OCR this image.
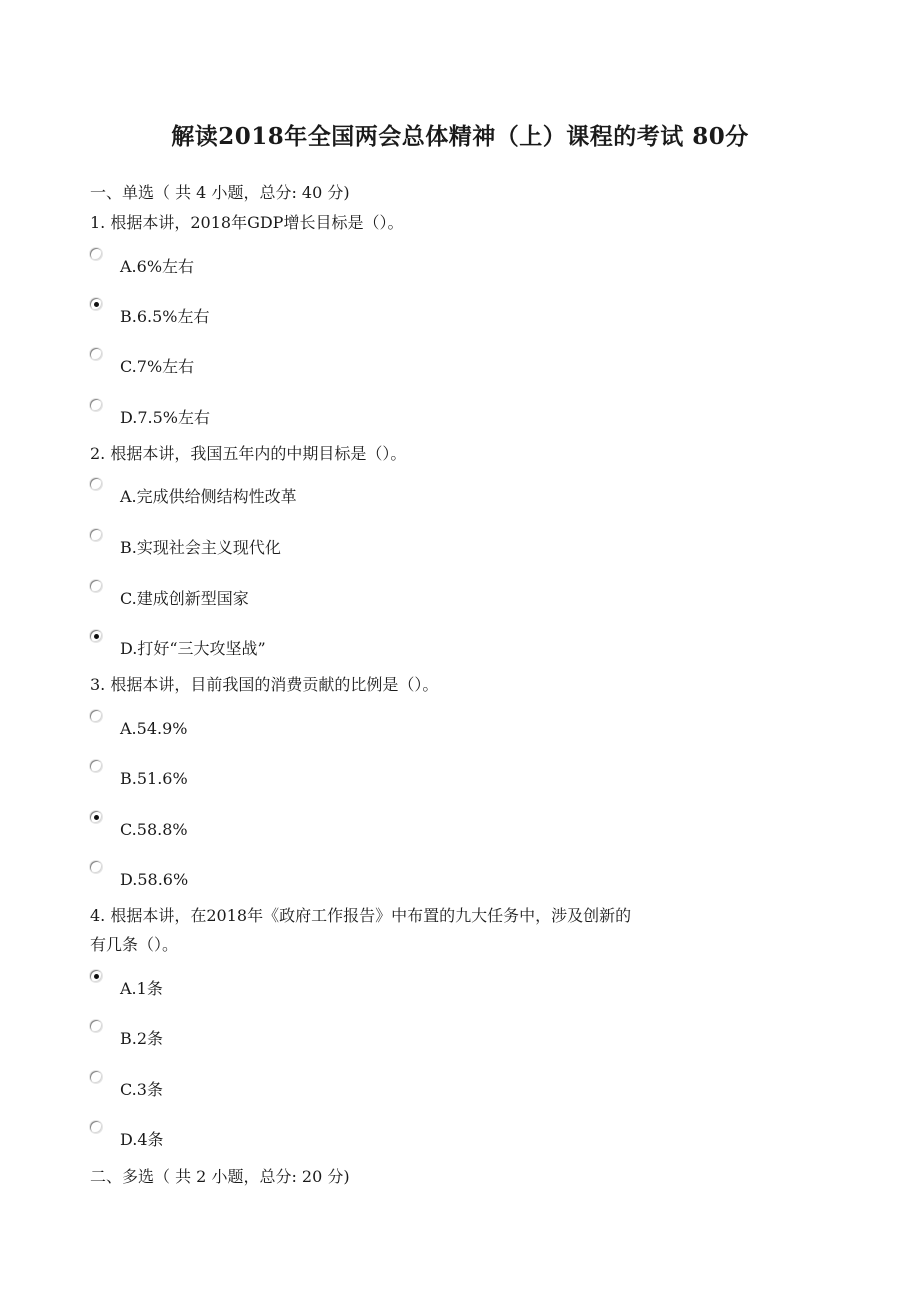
解读2018年全国两会总体精神（上）课程的考试 80分
一、单选（ 共 4 小题，总分: 40 分)
1. 根据本讲，2018年GDP增长目标是（）。
A.6%左右
B.6.5%左右
C.7%左右
D.7.5%左右
2. 根据本讲，我国五年内的中期目标是（）。
A.完成供给侧结构性改革
B.实现社会主义现代化
C.建成创新型国家
D.打好“三大攻坚战”
3. 根据本讲，目前我国的消费贡献的比例是（）。
A.54.9%
B.51.6%
C.58.8%
D.58.6%
4. 根据本讲，在2018年《政府工作报告》中布置的九大任务中，涉及创新的
有几条（）。
A.1条
B.2条
C.3条
D.4条
二、多选（ 共 2 小题，总分: 20 分)
